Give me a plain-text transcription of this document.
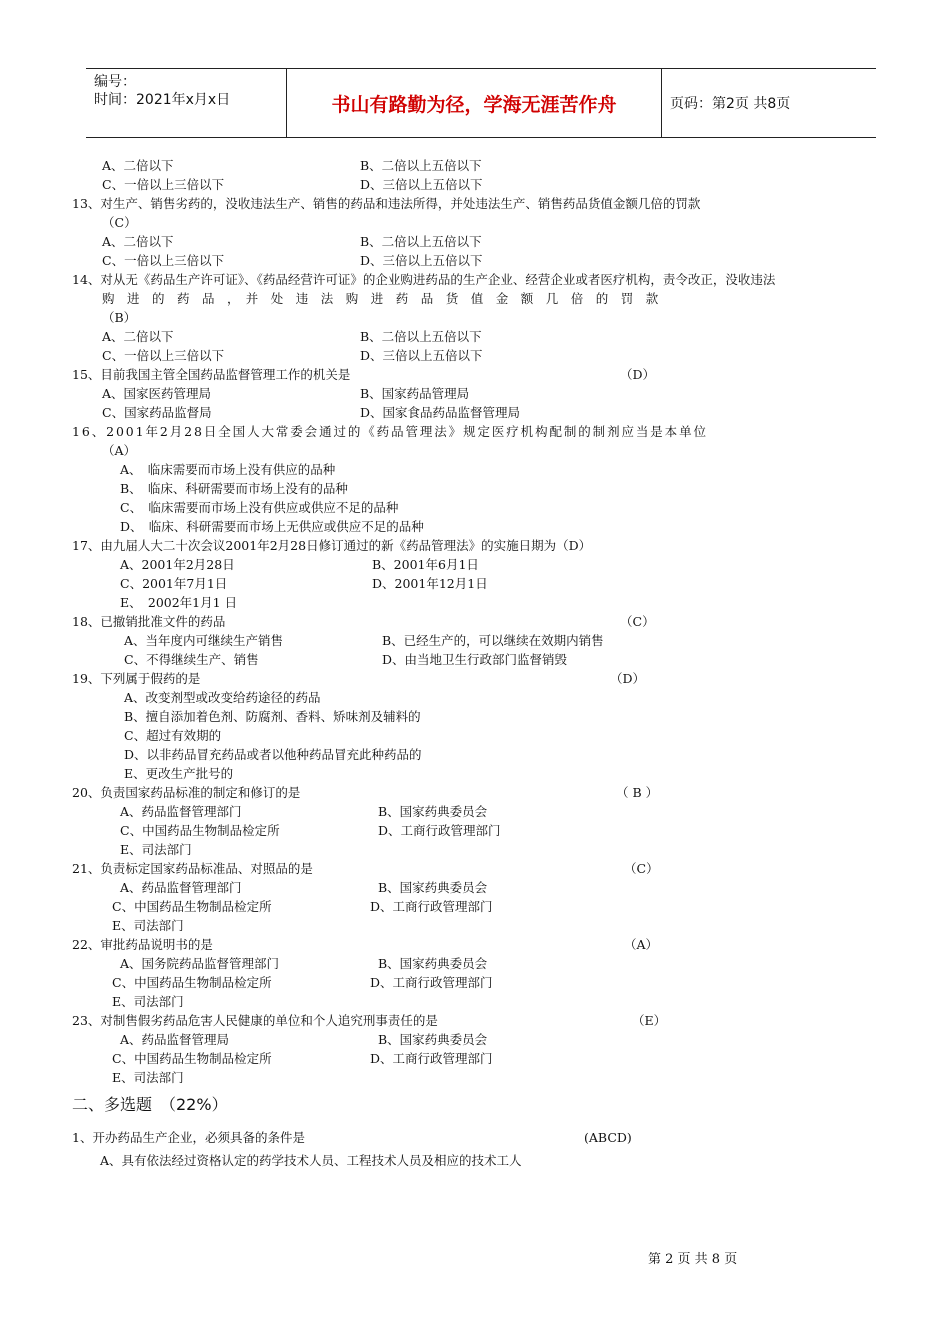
编号：
时间：2021年x月x日	书山有路勤为径，学海无涯苦作舟	页码：第2页 共8页
A、二倍以下	B、二倍以上五倍以下
C、一倍以上三倍以下	D、三倍以上五倍以下
13、对生产、销售劣药的，没收违法生产、销售的药品和违法所得，并处违法生产、销售药品货值金额几倍的罚款
（C）
A、二倍以下	B、二倍以上五倍以下
C、一倍以上三倍以下	D、三倍以上五倍以下
14、对从无《药品生产许可证》、《药品经营许可证》的企业购进药品的生产企业、经营企业或者医疗机构，责令改正，没收违法
购　进　的　药　品　，　并　处　违　法　购　进　药　品　货　值　金　额　几　倍　的　罚　款
（B）
A、二倍以下	B、二倍以上五倍以下
C、一倍以上三倍以下	D、三倍以上五倍以下
15、目前我国主管全国药品监督管理工作的机关是	（D）
A、国家医药管理局	B、国家药品管理局
C、国家药品监督局	D、国家食品药品监督管理局
16、2001年2月28日全国人大常委会通过的《药品管理法》规定医疗机构配制的制剂应当是本单位
（A）
A、　临床需要而市场上没有供应的品种
B、　临床、科研需要而市场上没有的品种
C、　临床需要而市场上没有供应或供应不足的品种
D、　临床、科研需要而市场上无供应或供应不足的品种
17、由九届人大二十次会议2001年2月28日修订通过的新《药品管理法》的实施日期为（D）
A、2001年2月28日	B、2001年6月1日
C、2001年7月1日	D、2001年12月1日
E、　2002年1月1 日
18、已撤销批准文件的药品	（C）
A、当年度内可继续生产销售	B、已经生产的，可以继续在效期内销售
C、不得继续生产、销售	D、由当地卫生行政部门监督销毁
19、下列属于假药的是	（D）
A、改变剂型或改变给药途径的药品
B、擅自添加着色剂、防腐剂、香料、矫味剂及辅料的
C、超过有效期的
D、以非药品冒充药品或者以他种药品冒充此种药品的
E、更改生产批号的
20、负责国家药品标准的制定和修订的是	（ B ）
A、药品监督管理部门	B、国家药典委员会
C、中国药品生物制品检定所	D、工商行政管理部门
E、司法部门
21、负责标定国家药品标准品、对照品的是	（C）
A、药品监督管理部门	B、国家药典委员会
C、中国药品生物制品检定所	D、工商行政管理部门
E、司法部门
22、审批药品说明书的是	（A）
A、国务院药品监督管理部门	B、国家药典委员会
C、中国药品生物制品检定所	D、工商行政管理部门
E、司法部门
23、对制售假劣药品危害人民健康的单位和个人追究刑事责任的是	（E）
A、药品监督管理局	B、国家药典委员会
C、中国药品生物制品检定所	D、工商行政管理部门
E、司法部门
二、多选题　（22%）
1、开办药品生产企业，必须具备的条件是	(ABCD)
A、具有依法经过资格认定的药学技术人员、工程技术人员及相应的技术工人
第 2 页 共 8 页
